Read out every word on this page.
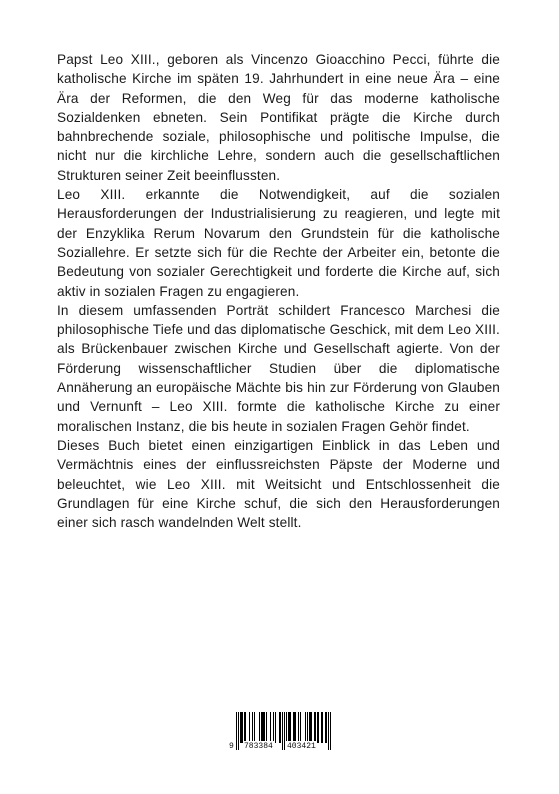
Papst Leo XIII., geboren als Vincenzo Gioacchino Pecci, führte die katholische Kirche im späten 19. Jahrhundert in eine neue Ära – eine Ära der Reformen, die den Weg für das moderne katholische Sozialdenken ebneten. Sein Pontifikat prägte die Kirche durch bahnbrechende soziale, philosophische und politische Impulse, die nicht nur die kirchliche Lehre, sondern auch die gesellschaftlichen Strukturen seiner Zeit beeinflussten.

Leo XIII. erkannte die Notwendigkeit, auf die sozialen Herausforderungen der Industrialisierung zu reagieren, und legte mit der Enzyklika Rerum Novarum den Grundstein für die katholische Soziallehre. Er setzte sich für die Rechte der Arbeiter ein, betonte die Bedeutung von sozialer Gerechtigkeit und forderte die Kirche auf, sich aktiv in sozialen Fragen zu engagieren.

In diesem umfassenden Porträt schildert Francesco Marchesi die philosophische Tiefe und das diplomatische Geschick, mit dem Leo XIII. als Brückenbauer zwischen Kirche und Gesellschaft agierte. Von der Förderung wissenschaftlicher Studien über die diplomatische Annäherung an europäische Mächte bis hin zur Förderung von Glauben und Vernunft – Leo XIII. formte die katholische Kirche zu einer moralischen Instanz, die bis heute in sozialen Fragen Gehör findet.

Dieses Buch bietet einen einzigartigen Einblick in das Leben und Vermächtnis eines der einflussreichsten Päpste der Moderne und beleuchtet, wie Leo XIII. mit Weitsicht und Entschlossenheit die Grundlagen für eine Kirche schuf, die sich den Herausforderungen einer sich rasch wandelnden Welt stellt.

9 783384 403421
